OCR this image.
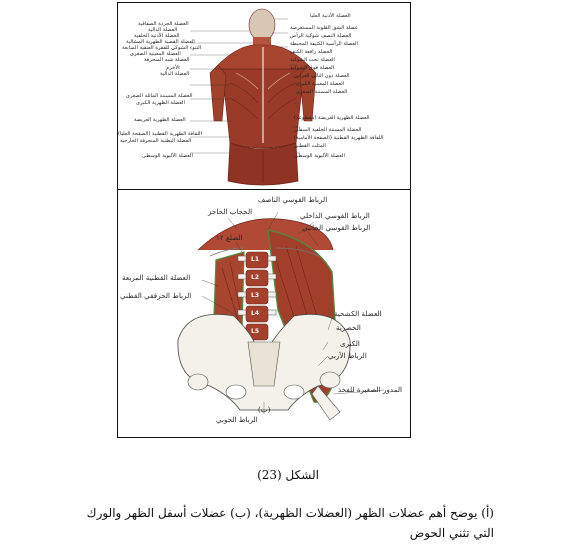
العضلة الجردة الصفاقية
العضلة الدالية
العضلة الأذنية الخلفية
العضلة القصية الظهرية المشالية
النتوء الشوكي للفقرة العنقية السابعة
العضلة المعينية الصغرى
العضلة شبه المنحرفة
الأخرم
العضلة الدالية
العضلة المسننة المائلة الصغرى
العضلة الظهرية الكبرى
العضلة الظهرية العريضة
اللفافة الظهرية القطنية (الصفحة العليا)
العضلة البطنية المنحرفة الخارجية
العضلة الأليوية الوسطى
العضلة الأذنية العليا
عضلة الشق القلوبة المستعرضة
العضلة النصف شوكية الرأس
العضلة الرأسية الكثيفة المحيطة
العضلة رافعة الكتف
العضلة تحت الشوكية
العضلة فوق الشوكية
العضلة دون الناتي الغرابي
العضلة المعينية الكبرى
العضلة المسننة الصغرى
العضلة الظهرية العريضة (مقطوعة)
العضلة المسننة الخلفية السفلى
اللفافة الظهرية القطنية (الصفحة الأمامية)
المثلث القطني
العضلة الأليوية الوسطى
L1
L2
L3
L4
L5
الرباط القوسي الناصف
الحجاب الحاجز	الرباط القوسي الداخلي
الرباط القوسي الجانبي
الضلع ١٢
العضلة القطنية المربعة
الرباط الحرقفي القطني
العضلة الكشحية
الخصرية
الكبرى
الرباط الأربي
المدور الصغيرة للفخذ
(ب)
الرباط الجوبي
الشكل (23)
(أ) يوضح أهم عضلات الظهر (العضلات الظهرية)، (ب) عضلات أسفل الظهر والورك التي تثني الحوض
